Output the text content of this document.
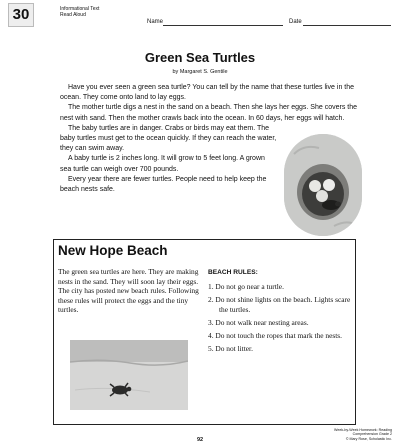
30	Informational Text
Read Aloud
Name	Date
Green Sea Turtles
by Margaret S. Gentile

Have you ever seen a green sea turtle? You can tell by the name that these turtles live in the ocean. They come onto land to lay eggs.

The mother turtle digs a nest in the sand on a beach. Then she lays her eggs. She covers the nest with sand. Then the mother crawls back into the ocean. In 60 days, her eggs will hatch.

The baby turtles are in danger. Crabs or birds may eat them. The baby turtles must get to the ocean quickly. If they can reach the water, they can swim away.

A baby turtle is 2 inches long. It will grow to 5 feet long. A grown sea turtle can weigh over 700 pounds.

Every year there are fewer turtles. People need to help keep the beach nests safe.

New Hope Beach
The green sea turtles are here. They are making nests in the sand. They will soon lay their eggs. The city has posted new beach rules. Following these rules will protect the eggs and the tiny turtles.
BEACH RULES:
1. Do not go near a turtle.
2. Do not shine lights on the beach. Lights scare the turtles.
3. Do not walk near nesting areas.
4. Do not touch the ropes that mark the nests.
5. Do not litter.
Week-by-Week Homework: Reading Comprehension Grade 2
© Mary Rose, Scholastic Inc.
92
